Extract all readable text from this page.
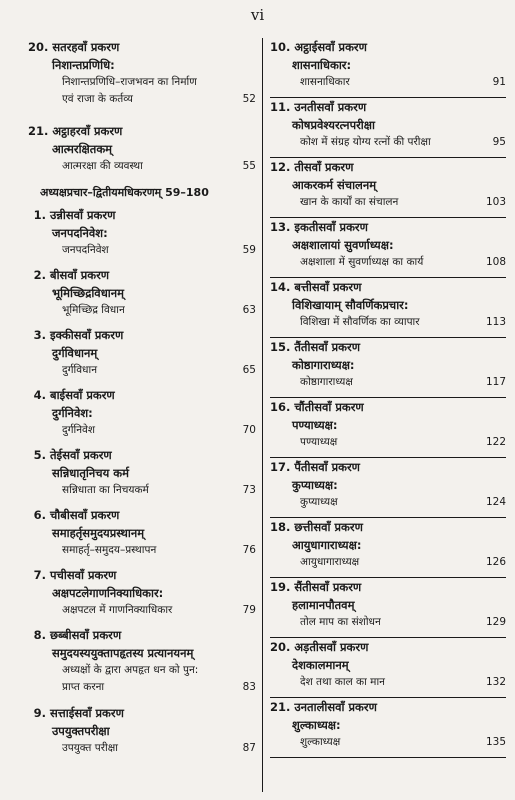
vi
20. सतरहवाँ प्रकरण
निशान्तप्रणिधि:
निशान्तप्रणिधि–राजभवन का निर्माण
एवं राजा के कर्तव्य	52
21. अट्ठाहरवाँ प्रकरण
आत्मरक्षितकम्
आत्मरक्षा की व्यवस्था	55
अध्यक्षप्रचार–द्वितीयमधिकरणम् 59–180
1. उन्नीसवाँ प्रकरण
जनपदनिवेश:
जनपदनिवेश	59
2. बीसवाँ प्रकरण
भूमिच्छिद्रविधानम्
भूमिच्छिद्र विधान	63
3. इक्कीसवाँ प्रकरण
दुर्गविधानम्
दुर्गविधान	65
4. बाईसवाँ प्रकरण
दुर्गनिवेश:
दुर्गनिवेश	70
5. तेईसवाँ प्रकरण
सन्निधातृनिचय कर्म
सन्निधाता का निचयकर्म	73
6. चौबीसवाँ प्रकरण
समाहर्तृसमुदयप्रस्थानम्
समाहर्तृ–समुदय–प्रस्थापन	76
7. पचीसवाँ प्रकरण
अक्षपटलेगाणनिक्याधिकार:
अक्षपटल में गाणनिक्याधिकार	79
8. छब्बीसवाँ प्रकरण
समुदयस्ययुक्तापहृतस्य प्रत्यानयनम्
अध्यक्षों के द्वारा अपहृत धन को पुन:
प्राप्त करना	83
9. सत्ताईसवाँ प्रकरण
उपयुक्तपरीक्षा
उपयुक्त परीक्षा	87
10. अट्ठाईसवाँ प्रकरण
शासनाधिकार:
शासनाधिकार	91
11. उनतीसवाँ प्रकरण
कोषप्रवेश्यरत्नपरीक्षा
कोश में संग्रह योग्य रत्नों की परीक्षा	95
12. तीसवाँ प्रकरण
आकरकर्म संचालनम्
खान के कार्यों का संचालन	103
13. इकतीसवाँ प्रकरण
अक्षशालायां सुवर्णाध्यक्ष:
अक्षशाला में सुवर्णाध्यक्ष का कार्य	108
14. बत्तीसवाँ प्रकरण
विशिखायाम् सौवर्णिकप्रचार:
विशिखा में सौवर्णिक का व्यापार	113
15. तैंतीसवाँ प्रकरण
कोष्ठागाराध्यक्ष:
कोष्ठागाराध्यक्ष	117
16. चौंतीसवाँ प्रकरण
पण्याध्यक्ष:
पण्याध्यक्ष	122
17. पैंतीसवाँ प्रकरण
कुप्याध्यक्ष:
कुप्याध्यक्ष	124
18. छत्तीसवाँ प्रकरण
आयुधागाराध्यक्ष:
आयुधागाराध्यक्ष	126
19. सैंतीसवाँ प्रकरण
हलामानपौतवम्
तोल माप का संशोधन	129
20. अड़तीसवाँ प्रकरण
देशकालमानम्
देश तथा काल का मान	132
21. उनतालीसवाँ प्रकरण
शुल्काध्यक्ष:
शुल्काध्यक्ष	135
